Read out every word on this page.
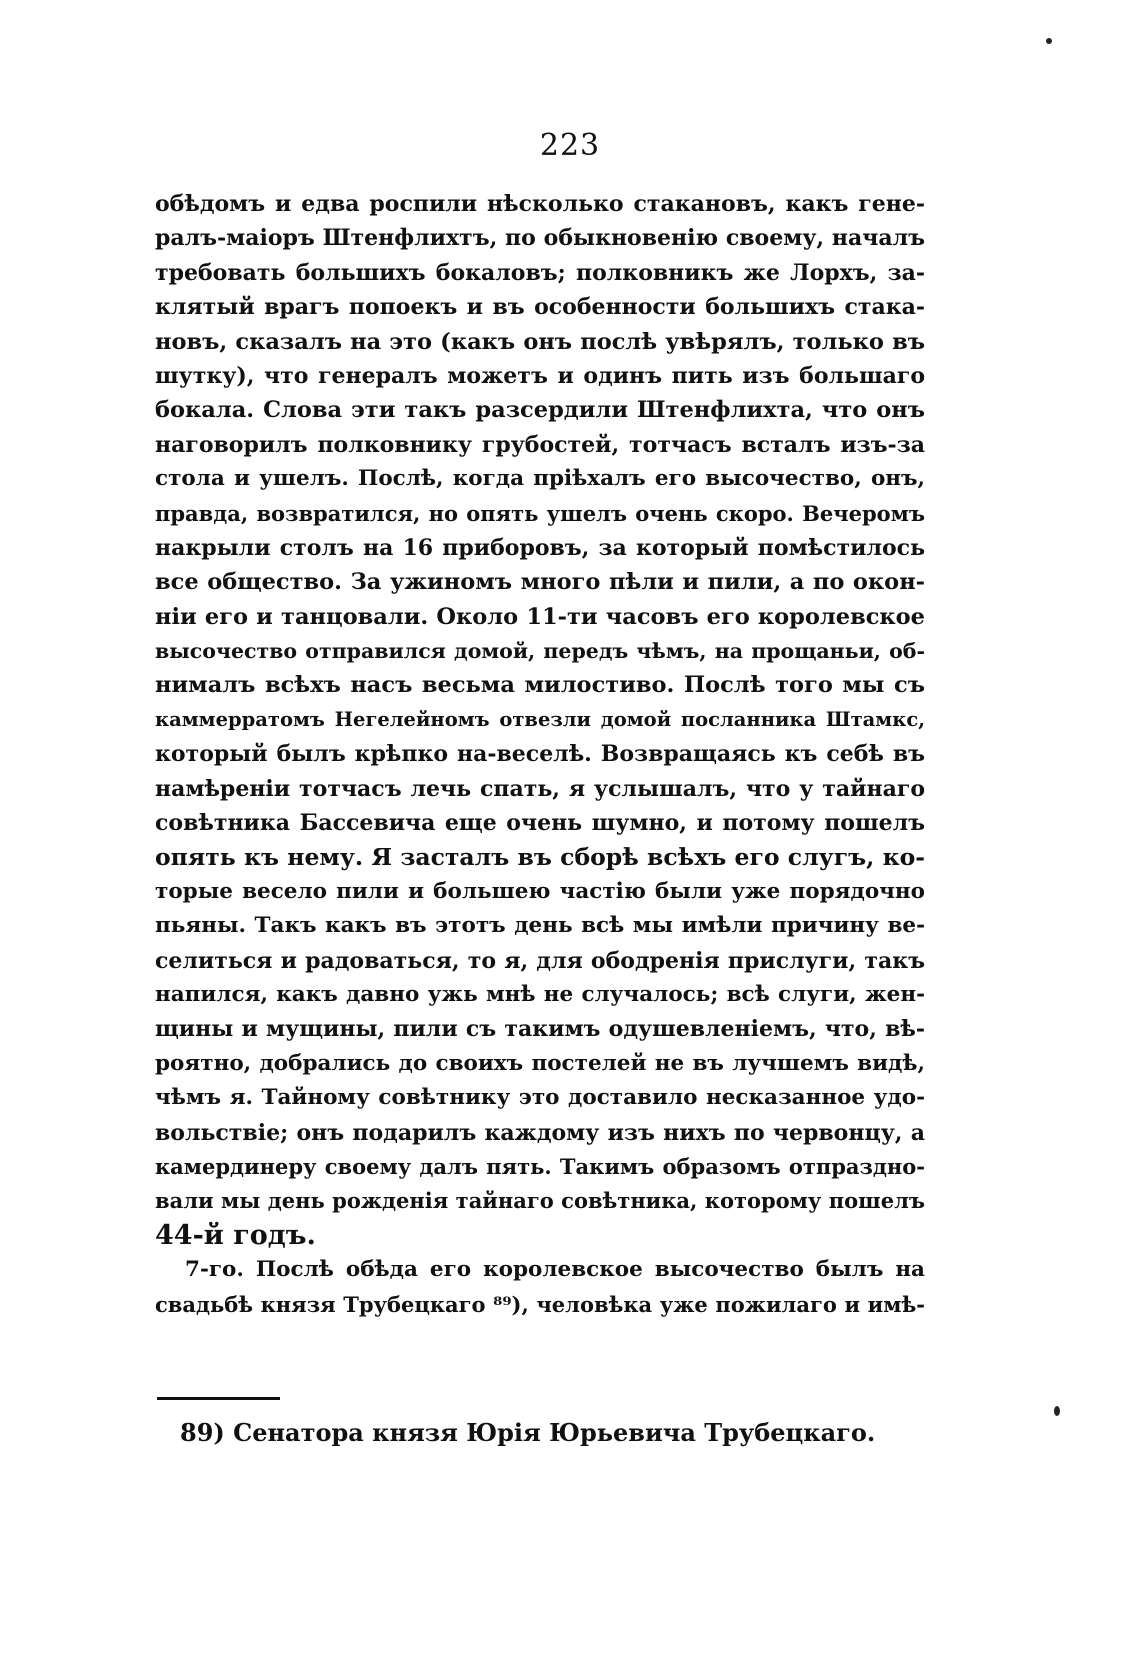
223
обѣдомъ и едва роспили нѣсколько стакановъ, какъ гене-
ралъ-маіоръ Штенфлихтъ, по обыкновенію своему, началъ
требовать большихъ бокаловъ; полковникъ же Лорхъ, за-
клятый врагъ попоекъ и въ особенности большихъ стака-
новъ, сказалъ на это (какъ онъ послѣ увѣрялъ, только въ
шутку), что генералъ можетъ и одинъ пить изъ большаго
бокала. Слова эти такъ разсердили Штенфлихта, что онъ
наговорилъ полковнику грубостей, тотчасъ всталъ изъ-за
стола и ушелъ. Послѣ, когда пріѣхалъ его высочество, онъ,
правда, возвратился, но опять ушелъ очень скоро. Вечеромъ
накрыли столъ на 16 приборовъ, за который помѣстилось
все общество. За ужиномъ много пѣли и пили, а по окон-
ніи его и танцовали. Около 11-ти часовъ его королевское
высочество отправился домой, передъ чѣмъ, на прощаньи, об-
нималъ всѣхъ насъ весьма милостиво. Послѣ того мы съ
каммерратомъ Негелейномъ отвезли домой посланника Штамкс,
который былъ крѣпко на-веселѣ. Возвращаясь къ себѣ въ
намѣреніи тотчасъ лечь спать, я услышалъ, что у тайнаго
совѣтника Бассевича еще очень шумно, и потому пошелъ
опять къ нему. Я засталъ въ сборѣ всѣхъ его слугъ, ко-
торые весело пили и большею частію были уже порядочно
пьяны. Такъ какъ въ этотъ день всѣ мы имѣли причину ве-
селиться и радоваться, то я, для ободренія прислуги, такъ
напился, какъ давно ужь мнѣ не случалось; всѣ слуги, жен-
щины и мущины, пили съ такимъ одушевленіемъ, что, вѣ-
роятно, добрались до своихъ постелей не въ лучшемъ видѣ,
чѣмъ я. Тайному совѣтнику это доставило несказанное удо-
вольствіе; онъ подарилъ каждому изъ нихъ по червонцу, а
камердинеру своему далъ пять. Такимъ образомъ отпраздно-
вали мы день рожденія тайнаго совѣтника, которому пошелъ
44-й годъ.
7-го. Послѣ обѣда его королевское высочество былъ на
свадьбѣ князя Трубецкаго ⁸⁹), человѣка уже пожилаго и имѣ-
89) Сенатора князя Юрія Юрьевича Трубецкаго.
